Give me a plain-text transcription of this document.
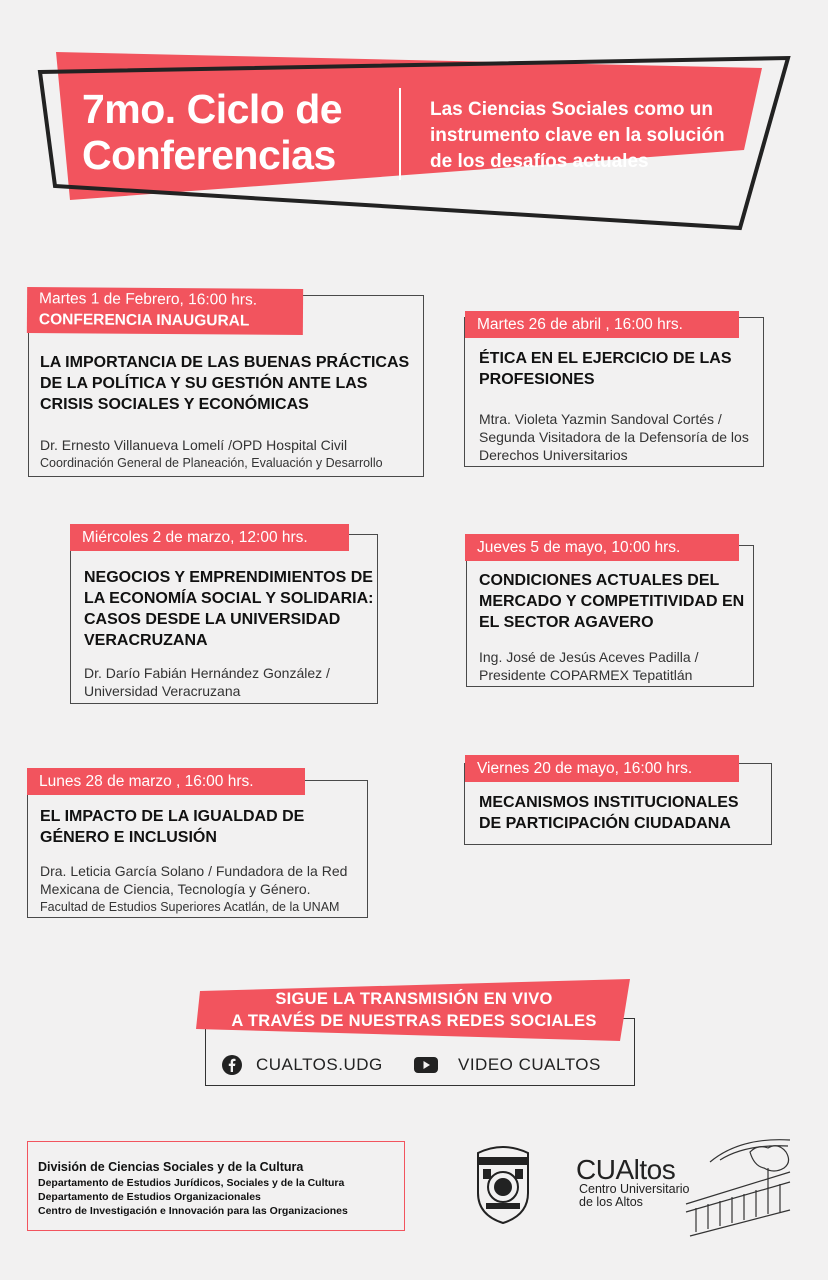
7mo. Ciclo de Conferencias
Las Ciencias Sociales como un instrumento clave en la solución de los desafíos actuales
Martes 1 de Febrero, 16:00 hrs.
CONFERENCIA INAUGURAL
LA IMPORTANCIA DE LAS BUENAS PRÁCTICAS DE LA POLÍTICA Y SU GESTIÓN ANTE LAS CRISIS SOCIALES Y ECONÓMICAS
Dr. Ernesto Villanueva Lomelí /OPD Hospital Civil
Coordinación General de Planeación, Evaluación y Desarrollo
Martes 26 de abril , 16:00 hrs.
ÉTICA EN EL EJERCICIO DE LAS PROFESIONES
Mtra. Violeta Yazmin Sandoval Cortés / Segunda Visitadora de la Defensoría de los Derechos Universitarios
Miércoles 2 de marzo, 12:00 hrs.
NEGOCIOS Y EMPRENDIMIENTOS DE LA ECONOMÍA SOCIAL Y SOLIDARIA: CASOS DESDE LA UNIVERSIDAD VERACRUZANA
Dr. Darío Fabián Hernández González / Universidad Veracruzana
Jueves 5 de mayo, 10:00 hrs.
CONDICIONES ACTUALES DEL MERCADO Y COMPETITIVIDAD EN EL SECTOR AGAVERO
Ing. José de Jesús Aceves Padilla / Presidente COPARMEX Tepatitlán
Lunes 28 de marzo , 16:00 hrs.
EL IMPACTO DE LA IGUALDAD DE GÉNERO E INCLUSIÓN
Dra. Leticia García Solano / Fundadora de la Red Mexicana de Ciencia, Tecnología y Género.
Facultad de Estudios Superiores Acatlán, de la UNAM
Viernes 20 de mayo, 16:00 hrs.
MECANISMOS INSTITUCIONALES DE PARTICIPACIÓN CIUDADANA
SIGUE LA TRANSMISIÓN EN VIVO
A TRAVÉS DE NUESTRAS REDES SOCIALES
CUALTOS.UDG	VIDEO CUALTOS
División de Ciencias Sociales y de la Cultura
Departamento de Estudios Jurídicos, Sociales y de la Cultura
Departamento de Estudios Organizacionales
Centro de Investigación e Innovación para las Organizaciones
CUAltos
Centro Universitario
de los Altos
